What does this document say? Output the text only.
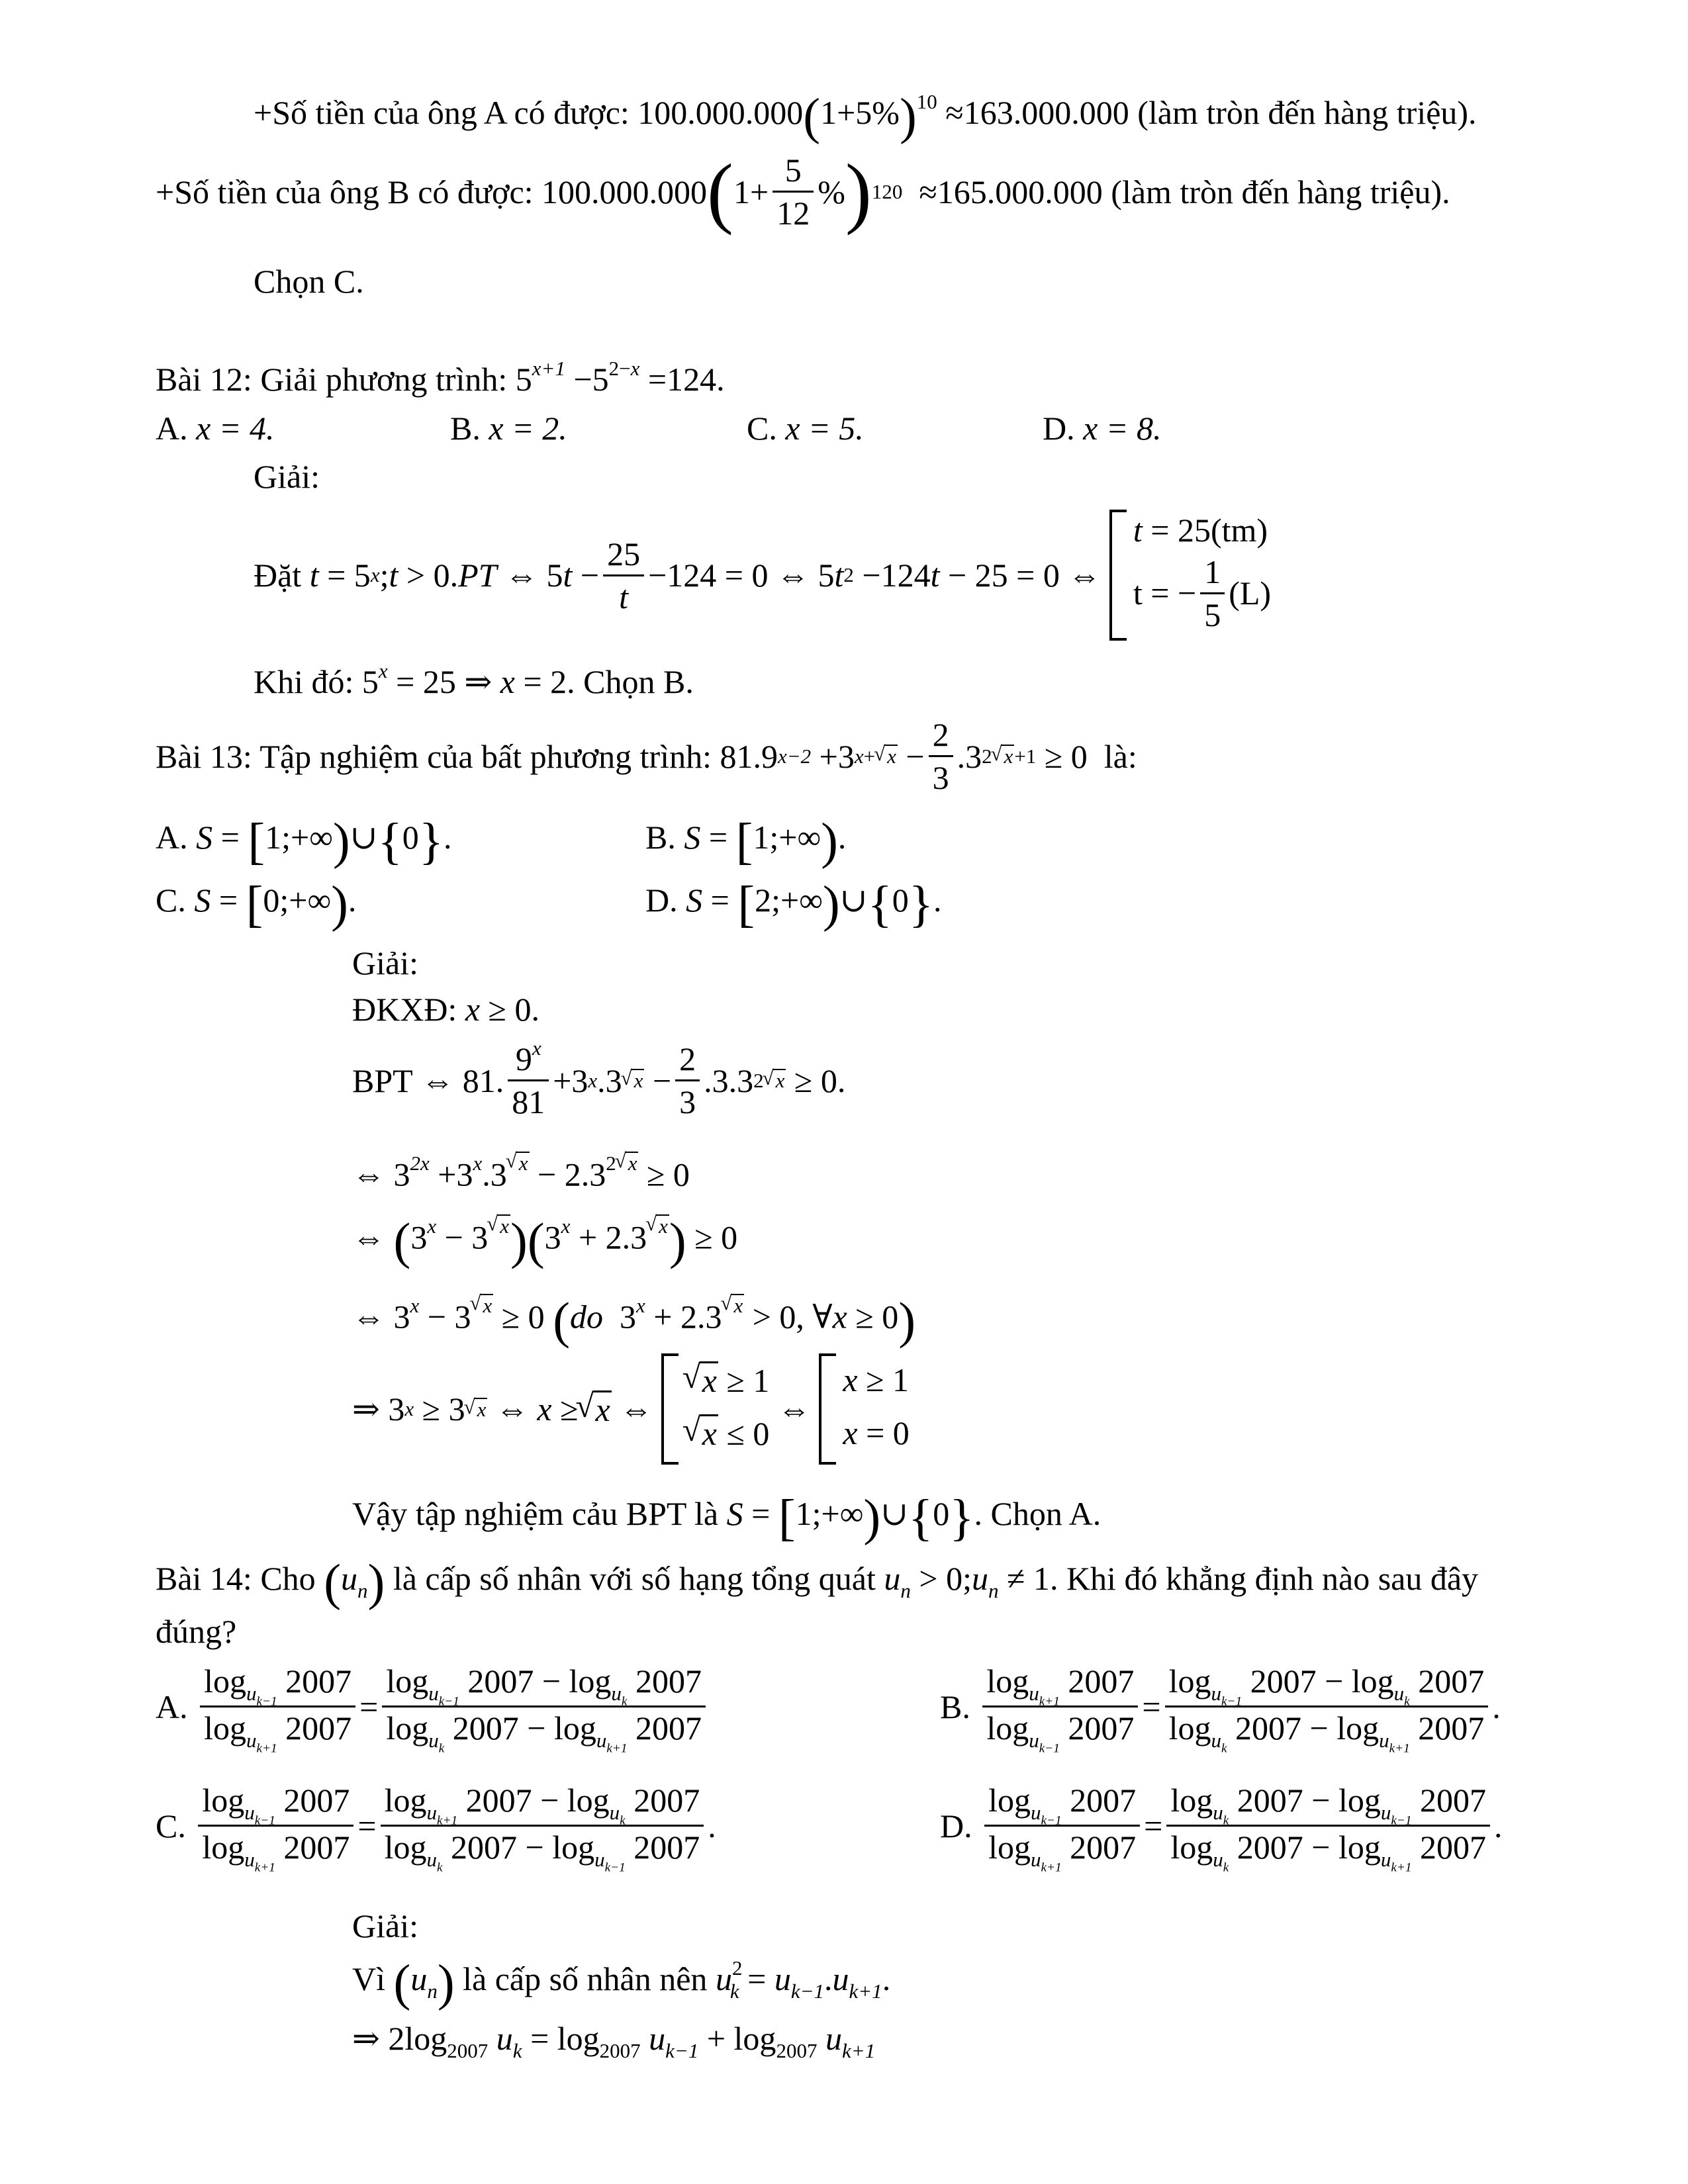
+Số tiền của ông A có được: $100.000.000(1+5\%)^{10} \approx 163.000.000$ (làm tròn đến hàng triệu).
+Số tiền của ông B có được: 100.000.000 ( $1+ \frac{5}{12}$ % ) 120 ≈165.000.000 (làm tròn đến hàng triệu).
Chọn C.
Bài 12: Giải phương trình: $5^{x+1} -5^{2-x} =124$.
A. x = 4.	B. x = 2.	C. x = 5.	D. x = 8.
Giải:
Đặt
t = 5 x ; t > 0. PT ⇔ 5 $t - \frac{25}{t} -124 = 0$ ⇔ 5 t 2 −124 t − 25 = 0 ⇔
t = 25(tm)
t = − $\frac{1}{5} (L)$
Khi đó: $5^x = 25$ ⇒ x = 2. Chọn B.
Bài 13: Tập nghiệm của bất phương trình: 81.9 x−2 +3 x+√ $x - \frac{2}{3} .3$ 2√ x+1 ≥ 0 là:
A. S = [1;+∞)∪{0}.	B. S = [1;+∞).
C. S = [0;+∞).	D. S = [2;+∞)∪{0}.
Giải:
ĐKXĐ: x ≥ 0.
BPT ⇔ 81. $\frac{9^x}{81} +3$ x .3
√ $x - \frac{2}{3} .3.3$ 2√ x ≥ 0.
⇔ $3^{2x} +3^x.3√$ $^x - 2.3^{2√ x} \ge 0$
⇔ ($3^x - 3√$ $^x)(3^x + 2.3√$ $^x$) ≥ 0
⇔ $3^x - 3√$ $^x$ ≥ 0 (do  $3^x + 2.3√$ $^x$ > 0, ∀x ≥ 0)
⇒ 3 x ≥ 3
√ x ⇔ x ≥
√ x ⇔
√ x ≥ 1
√ x ≤ 0
⇔
x ≥ 1
x = 0
Vậy tập nghiệm cảu BPT là S = [1;+∞)∪{0}. Chọn A.
Bài 14: Cho $(u_n)$ là cấp số nhân với số hạng tổng quát $u_n$ > $0;u_n \ne 1$. Khi đó khẳng định nào sau đây
đúng?
A.
$\frac{\log_{u_{k-1}} 2007}{\log_{u_{k+1}} 2007} = \frac{\log_{u_{k-1}} 2007 - \log_{u_k} 2007}{\log_{u_k} 2007 - \log_{u_{k+1}} 2007}$	B.
$\frac{\log_{u_{k+1}} 2007}{\log_{u_{k-1}} 2007} = \frac{\log_{u_{k-1}} 2007 - \log_{u_k} 2007}{\log_{u_k} 2007 - \log_{u_{k+1}} 2007}$ .
C.
$\frac{\log_{u_{k-1}} 2007}{\log_{u_{k+1}} 2007} = \frac{\log_{u_{k+1}} 2007 - \log_{u_k} 2007}{\log_{u_k} 2007 - \log_{u_{k-1}} 2007}$ .	D.
$\frac{\log_{u_{k-1}} 2007}{\log_{u_{k+1}} 2007} = \frac{\log_{u_k} 2007 - \log_{u_{k-1}} 2007}{\log_{u_k} 2007 - \log_{u_{k+1}} 2007}$ .
Giải:
Vì $(u_n)$ là cấp số nhân nên $u^2_k = u_{k-1}.u_{k+1}$.
⇒ $2\log_{2007}$ $u_k = \log_{2007} u_{k-1} + \log_{2007} u_{k+1}$
